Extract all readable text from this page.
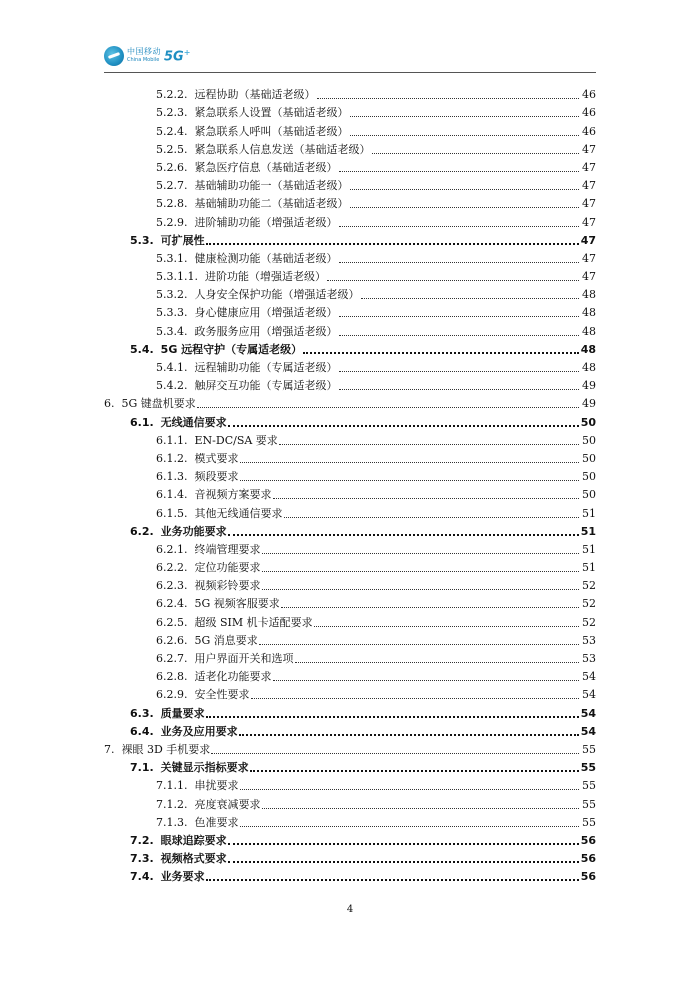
中国移动
China Mobile 5G+
5.2.2. 远程协助（基础适老级）	46
5.2.3. 紧急联系人设置（基础适老级）	46
5.2.4. 紧急联系人呼叫（基础适老级）	46
5.2.5. 紧急联系人信息发送（基础适老级）	47
5.2.6. 紧急医疗信息（基础适老级）	47
5.2.7. 基础辅助功能一（基础适老级）	47
5.2.8. 基础辅助功能二（基础适老级）	47
5.2.9. 进阶辅助功能（增强适老级）	47
5.3. 可扩展性	47
5.3.1. 健康检测功能（基础适老级）	47
5.3.1.1. 进阶功能（增强适老级）	47
5.3.2. 人身安全保护功能（增强适老级）	48
5.3.3. 身心健康应用（增强适老级）	48
5.3.4. 政务服务应用（增强适老级）	48
5.4. 5G 远程守护（专属适老级）	48
5.4.1. 远程辅助功能（专属适老级）	48
5.4.2. 触屏交互功能（专属适老级）	49
6. 5G 键盘机要求	49
6.1. 无线通信要求	50
6.1.1. EN-DC/SA 要求	50
6.1.2. 模式要求	50
6.1.3. 频段要求	50
6.1.4. 音视频方案要求	50
6.1.5. 其他无线通信要求	51
6.2. 业务功能要求	51
6.2.1. 终端管理要求	51
6.2.2. 定位功能要求	51
6.2.3. 视频彩铃要求	52
6.2.4. 5G 视频客服要求	52
6.2.5. 超级 SIM 机卡适配要求	52
6.2.6. 5G 消息要求	53
6.2.7. 用户界面开关和选项	53
6.2.8. 适老化功能要求	54
6.2.9. 安全性要求	54
6.3. 质量要求	54
6.4. 业务及应用要求	54
7. 裸眼 3D 手机要求	55
7.1. 关键显示指标要求	55
7.1.1. 串扰要求	55
7.1.2. 亮度衰减要求	55
7.1.3. 色准要求	55
7.2. 眼球追踪要求	56
7.3. 视频格式要求	56
7.4. 业务要求	56
4
